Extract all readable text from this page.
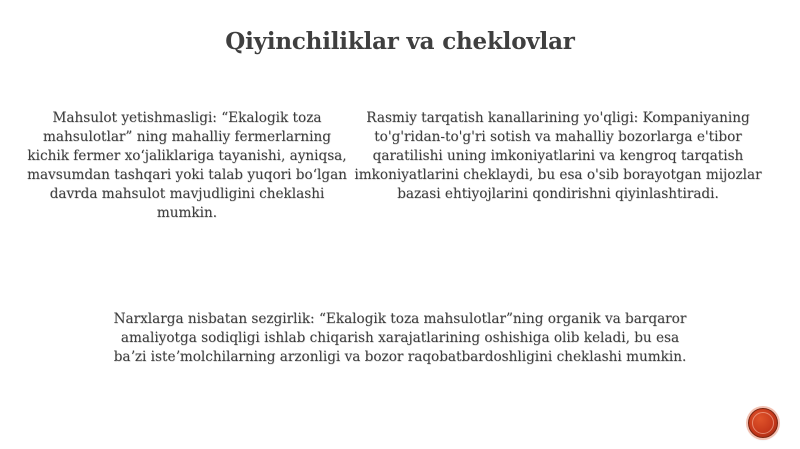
Qiyinchiliklar va cheklovlar
Mahsulot yetishmasligi: “Ekalogik toza mahsulotlar” ning mahalliy fermerlarning kichik fermer xoʻjaliklariga tayanishi, ayniqsa, mavsumdan tashqari yoki talab yuqori boʻlgan davrda mahsulot mavjudligini cheklashi mumkin.
Rasmiy tarqatish kanallarining yo'qligi: Kompaniyaning to'g'ridan-to'g'ri sotish va mahalliy bozorlarga e'tibor qaratilishi uning imkoniyatlarini va kengroq tarqatish imkoniyatlarini cheklaydi, bu esa o'sib borayotgan mijozlar bazasi ehtiyojlarini qondirishni qiyinlashtiradi.
Narxlarga nisbatan sezgirlik: “Ekalogik toza mahsulotlar”ning organik va barqaror amaliyotga sodiqligi ishlab chiqarish xarajatlarining oshishiga olib keladi, bu esa baʼzi isteʼmolchilarning arzonligi va bozor raqobatbardoshligini cheklashi mumkin.
